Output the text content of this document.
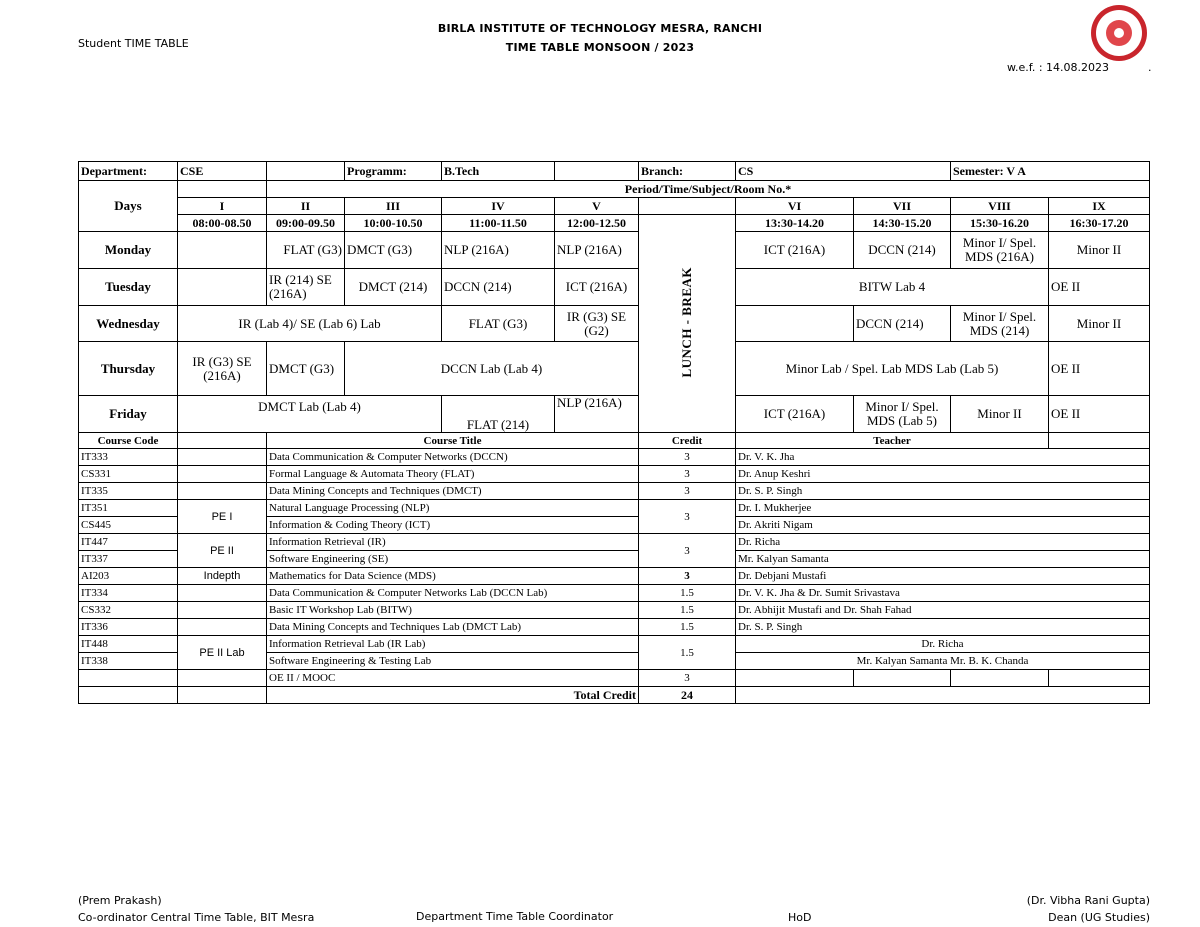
Student TIME TABLE
BIRLA INSTITUTE OF TECHNOLOGY MESRA, RANCHI
TIME TABLE MONSOON / 2023
w.e.f. : 14.08.2023	.
Department:	CSE		Programm:	B.Tech		Branch:	CS		Semester: V A	
Days		Period/Time/Subject/Room No.*								
	I	II	III	IV	V		VI	VII	VIII	IX
	08:00-08.50	09:00-09.50	10:00-10.50	11:00-11.50	12:00-12.50	LUNCH - BREAK	13:30-14.20	14:30-15.20	15:30-16.20	16:30-17.20
Monday		FLAT (G3)	DMCT (G3)	NLP (216A)	NLP (216A)		ICT (216A)	DCCN (214)	Minor I/ Spel. MDS (216A)	Minor II
Tuesday		IR (214) SE (216A)	DMCT (214)	DCCN (214)	ICT (216A)		BITW Lab 4			OE II
Wednesday	IR (Lab 4)/ SE (Lab 6) Lab			FLAT (G3)	IR (G3) SE (G2)			DCCN (214)	Minor I/ Spel. MDS (214)	Minor II
Thursday	IR (G3) SE (216A)	DMCT (G3)	DCCN Lab (Lab 4)				Minor Lab / Spel. Lab MDS Lab (Lab 5)			OE II
Friday	DMCT Lab (Lab 4)			FLAT (214)	NLP (216A)		ICT (216A)	Minor I/ Spel. MDS (Lab 5)	Minor II	OE II
Course Code		Course Title				Credit	Teacher			
IT333		Data Communication & Computer Networks (DCCN)				3	Dr. V. K. Jha			
CS331		Formal Language & Automata Theory (FLAT)				3	Dr. Anup Keshri			
IT335		Data Mining Concepts and Techniques (DMCT)				3	Dr. S. P. Singh			
IT351	PE I	Natural Language Processing (NLP)				3	Dr. I. Mukherjee			
CS445		Information & Coding Theory (ICT)					Dr. Akriti Nigam			
IT447	PE II	Information Retrieval (IR)				3	Dr. Richa			
IT337		Software Engineering (SE)					Mr. Kalyan Samanta			
AI203	Indepth	Mathematics for Data Science (MDS)				3	Dr. Debjani Mustafi			
IT334		Data Communication & Computer Networks Lab (DCCN Lab)				1.5	Dr. V. K. Jha & Dr. Sumit Srivastava			
CS332		Basic IT Workshop Lab (BITW)				1.5	Dr. Abhijit Mustafi and Dr. Shah Fahad			
IT336		Data Mining Concepts and Techniques Lab (DMCT Lab)				1.5	Dr. S. P. Singh			
IT448	PE II Lab	Information Retrieval Lab (IR Lab)				1.5	Dr. Richa			
IT338		Software Engineering & Testing Lab					Mr. Kalyan Samanta Mr. B. K. Chanda			
		OE II / MOOC				3				
		Total Credit				24				
(Prem Prakash)
Co-ordinator Central Time Table, BIT Mesra	Department Time Table Coordinator	HoD
(Dr. Vibha Rani Gupta)
Dean (UG Studies)
